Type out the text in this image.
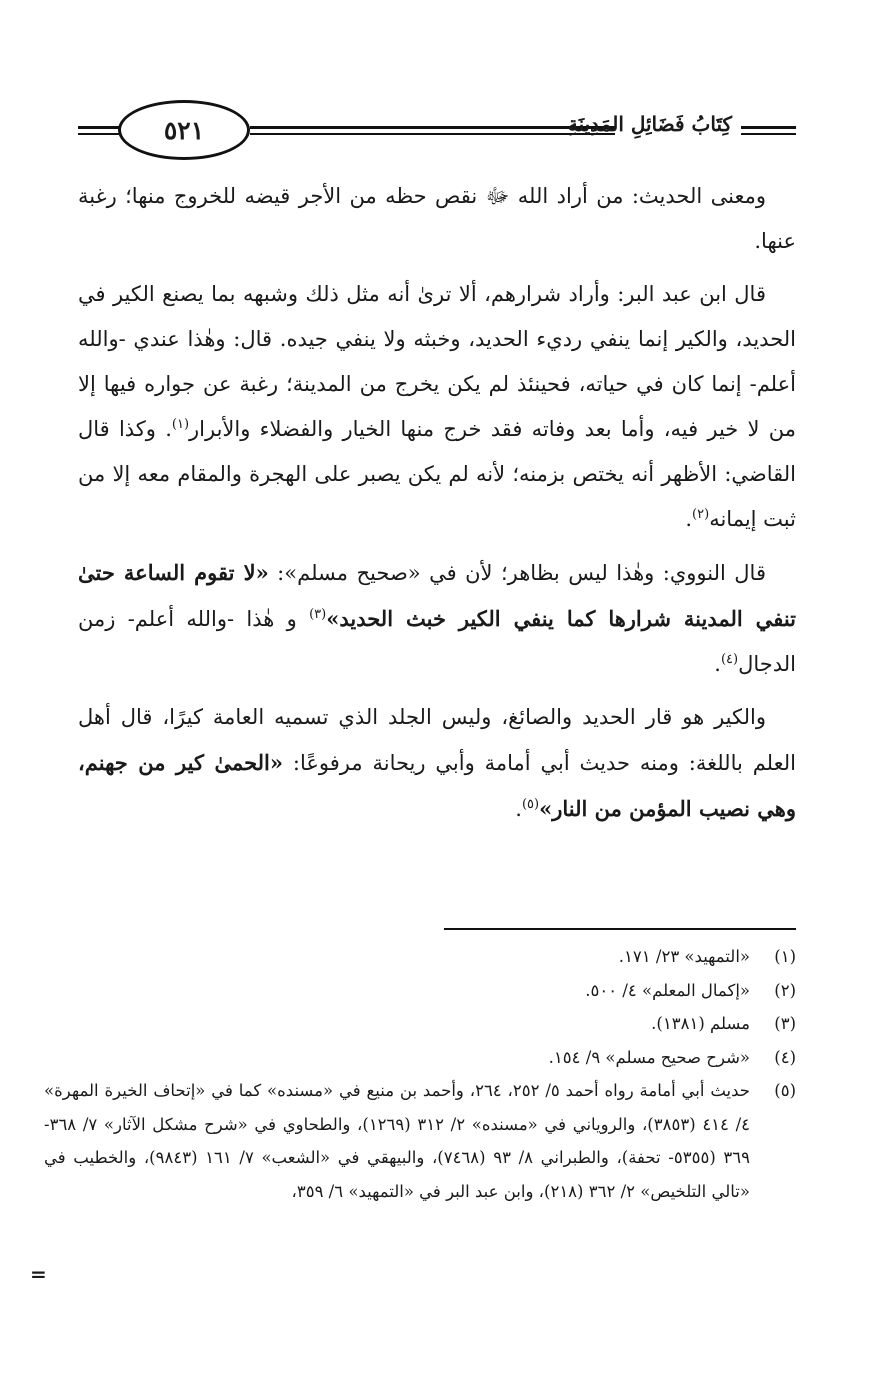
كِتَابُ فَضَائِلِ المَدِينَةِ
٥٢١

ومعنى الحديث: من أراد الله ﷻ نقص حظه من الأجر قيضه للخروج منها؛ رغبة عنها.

قال ابن عبد البر: وأراد شرارهم، ألا ترىٰ أنه مثل ذلك وشبهه بما يصنع الكير في الحديد، والكير إنما ينفي رديء الحديد، وخبثه ولا ينفي جيده. قال: وهٰذا عندي -والله أعلم- إنما كان في حياته، فحينئذ لم يكن يخرج من المدينة؛ رغبة عن جواره فيها إلا من لا خير فيه، وأما بعد وفاته فقد خرج منها الخيار والفضلاء والأبرار$^{(١)}$. وكذا قال القاضي: الأظهر أنه يختص بزمنه؛ لأنه لم يكن يصبر على الهجرة والمقام معه إلا من ثبت إيمانه$^{(٢)}$.

قال النووي: وهٰذا ليس بظاهر؛ لأن في «صحيح مسلم»: «لا تقوم الساعة حتىٰ تنفي المدينة شرارها كما ينفي الكير خبث الحديد»$^{(٣)}$ و هٰذا -والله أعلم- زمن الدجال$^{(٤)}$.

والكير هو قار الحديد والصائغ، وليس الجلد الذي تسميه العامة كيرًا، قال أهل العلم باللغة: ومنه حديث أبي أمامة وأبي ريحانة مرفوعًا: «الحمىٰ كير من جهنم، وهي نصيب المؤمن من النار»$^{(٥)}$.

(١)
«التمهيد» ٢٣/ ١٧١.
(٢)
«إكمال المعلم» ٤/ ٥٠٠.
(٣)
مسلم (١٣٨١).
(٤)
«شرح صحيح مسلم» ٩/ ١٥٤.
(٥)
حديث أبي أمامة رواه أحمد ٥/ ٢٥٢، ٢٦٤، وأحمد بن منيع في «مسنده» كما في «إتحاف الخيرة المهرة» ٤/ ٤١٤ (٣٨٥٣)، والروياني في «مسنده» ٢/ ٣١٢ (١٢٦٩)، والطحاوي في «شرح مشكل الآثار» ٧/ ٣٦٨- ٣٦٩ (٥٣٥٥- تحفة)، والطبراني ٨/ ٩٣ (٧٤٦٨)، والبيهقي في «الشعب» ٧/ ١٦١ (٩٨٤٣)، والخطيب في «تالي التلخيص» ٢/ ٣٦٢ (٢١٨)، وابن عبد البر في «التمهيد» ٦/ ٣٥٩،
=
